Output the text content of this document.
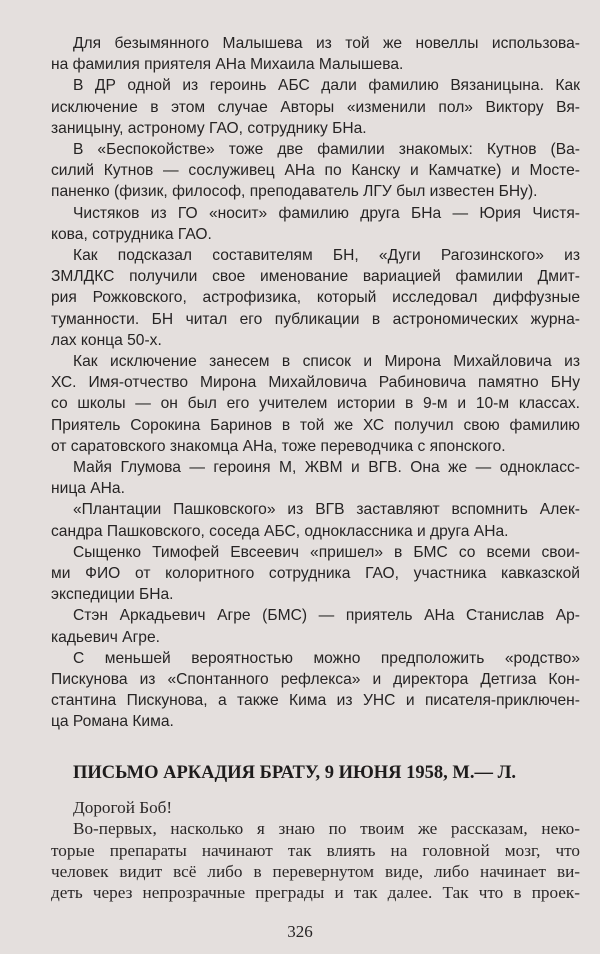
Для безымянного Малышева из той же новеллы использова-
на фамилия приятеля АНа Михаила Малышева.
В ДР одной из героинь АБС дали фамилию Вязаницына. Как
исключение в этом случае Авторы «изменили пол» Виктору Вя-
заницыну, астроному ГАО, сотруднику БНа.
В «Беспокойстве» тоже две фамилии знакомых: Кутнов (Ва-
силий Кутнов — сослуживец АНа по Канску и Камчатке) и Мосте-
паненко (физик, философ, преподаватель ЛГУ был известен БНу).
Чистяков из ГО «носит» фамилию друга БНа — Юрия Чистя-
кова, сотрудника ГАО.
Как подсказал составителям БН, «Дуги Рагозинского» из
ЗМЛДКС получили свое именование вариацией фамилии Дмит-
рия Рожковского, астрофизика, который исследовал диффузные
туманности. БН читал его публикации в астрономических журна-
лах конца 50-х.
Как исключение занесем в список и Мирона Михайловича из
ХС. Имя-отчество Мирона Михайловича Рабиновича памятно БНу
со школы — он был его учителем истории в 9-м и 10-м классах.
Приятель Сорокина Баринов в той же ХС получил свою фамилию
от саратовского знакомца АНа, тоже переводчика с японского.
Майя Глумова — героиня М, ЖВМ и ВГВ. Она же — однокласс-
ница АНа.
«Плантации Пашковского» из ВГВ заставляют вспомнить Алек-
сандра Пашковского, соседа АБС, одноклассника и друга АНа.
Сыщенко Тимофей Евсеевич «пришел» в БМС со всеми свои-
ми ФИО от колоритного сотрудника ГАО, участника кавказской
экспедиции БНа.
Стэн Аркадьевич Агре (БМС) — приятель АНа Станислав Ар-
кадьевич Агре.
С меньшей вероятностью можно предположить «родство»
Пискунова из «Спонтанного рефлекса» и директора Детгиза Кон-
стантина Пискунова, а также Кима из УНС и писателя-приключен-
ца Романа Кима.
ПИСЬМО АРКАДИЯ БРАТУ, 9 ИЮНЯ 1958, М.— Л.
Дорогой Боб!
Во-первых, насколько я знаю по твоим же рассказам, неко-
торые препараты начинают так влиять на головной мозг, что
человек видит всё либо в перевернутом виде, либо начинает ви-
деть через непрозрачные преграды и так далее. Так что в проек-
326
